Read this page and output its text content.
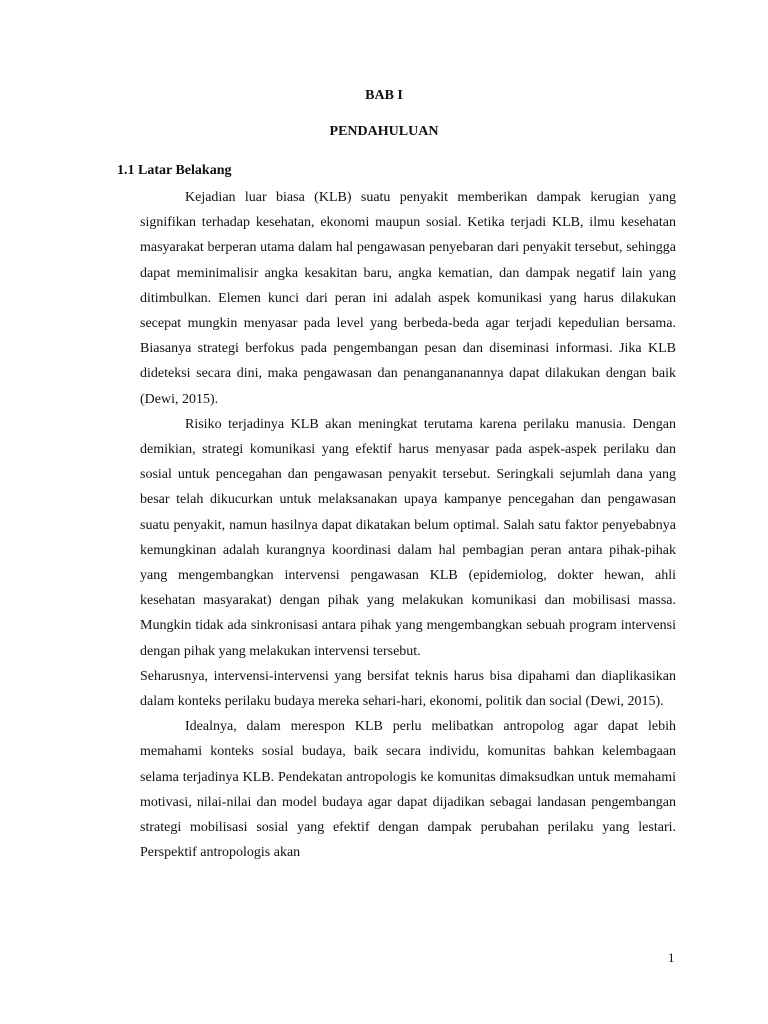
BAB I
PENDAHULUAN
1.1 Latar Belakang

Kejadian luar biasa (KLB) suatu penyakit memberikan dampak kerugian yang signifikan terhadap kesehatan, ekonomi maupun sosial. Ketika terjadi KLB, ilmu kesehatan masyarakat berperan utama dalam hal pengawasan penyebaran dari penyakit tersebut, sehingga dapat meminimalisir angka kesakitan baru, angka kematian, dan dampak negatif lain yang ditimbulkan. Elemen kunci dari peran ini adalah aspek komunikasi yang harus dilakukan secepat mungkin menyasar pada level yang berbeda-beda agar terjadi kepedulian bersama. Biasanya strategi berfokus pada pengembangan pesan dan diseminasi informasi. Jika KLB dideteksi secara dini, maka pengawasan dan penangananannya dapat dilakukan dengan baik (Dewi, 2015).

Risiko terjadinya KLB akan meningkat terutama karena perilaku manusia. Dengan demikian, strategi komunikasi yang efektif harus menyasar pada aspek-aspek perilaku dan sosial untuk pencegahan dan pengawasan penyakit tersebut. Seringkali sejumlah dana yang besar telah dikucurkan untuk melaksanakan upaya kampanye pencegahan dan pengawasan suatu penyakit, namun hasilnya dapat dikatakan belum optimal. Salah satu faktor penyebabnya kemungkinan adalah kurangnya koordinasi dalam hal pembagian peran antara pihak-pihak yang mengembangkan intervensi pengawasan KLB (epidemiolog, dokter hewan, ahli kesehatan masyarakat) dengan pihak yang melakukan komunikasi dan mobilisasi massa. Mungkin tidak ada sinkronisasi antara pihak yang mengembangkan sebuah program intervensi dengan pihak yang melakukan intervensi tersebut.

Seharusnya, intervensi-intervensi yang bersifat teknis harus bisa dipahami dan diaplikasikan dalam konteks perilaku budaya mereka sehari-hari, ekonomi, politik dan social (Dewi, 2015).

Idealnya, dalam merespon KLB perlu melibatkan antropolog agar dapat lebih memahami konteks sosial budaya, baik secara individu, komunitas bahkan kelembagaan selama terjadinya KLB. Pendekatan antropologis ke komunitas dimaksudkan untuk memahami motivasi, nilai-nilai dan model budaya agar dapat dijadikan sebagai landasan pengembangan strategi mobilisasi sosial yang efektif dengan dampak perubahan perilaku yang lestari. Perspektif antropologis akan

1
